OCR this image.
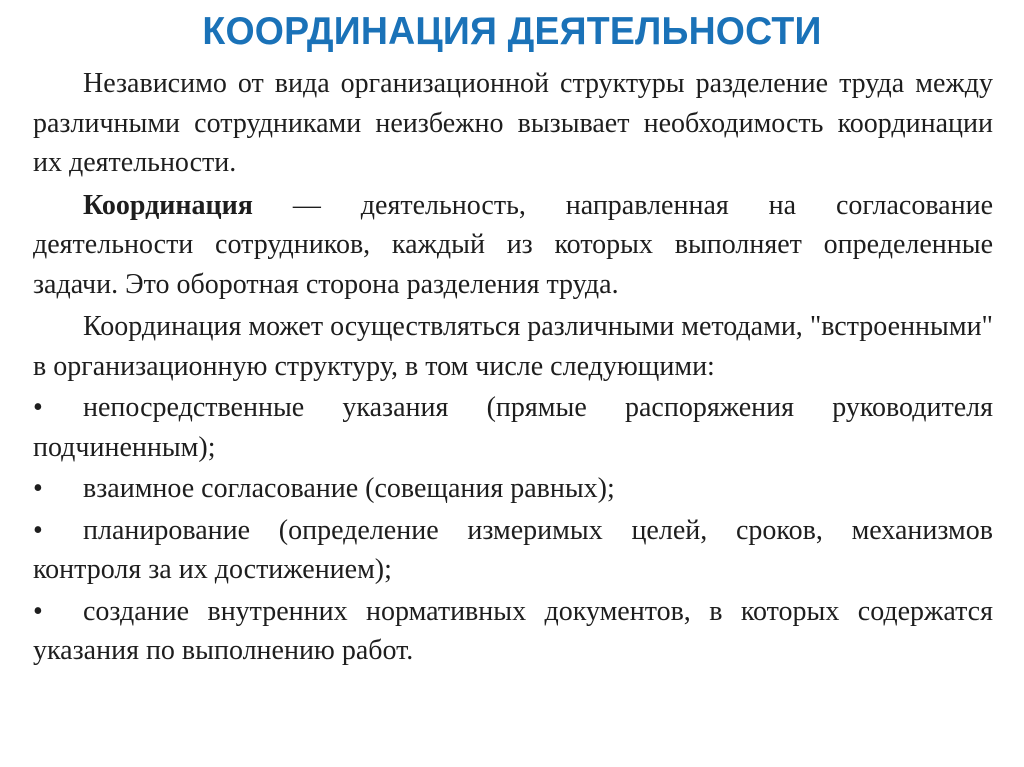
КООРДИНАЦИЯ ДЕЯТЕЛЬНОСТИ

Независимо от вида организационной структуры разделение труда между различными сотрудниками неизбежно вызывает необходимость координации их деятельности.

Координация — деятельность, направленная на согласование деятельности сотрудников, каждый из которых выполняет определенные задачи. Это оборотная сторона разделения труда.

Координация может осуществляться различными методами, "встроенными" в организационную структуру, в том числе следующими:

• непосредственные указания (прямые распоряжения руководителя подчиненным);
• взаимное согласование (совещания равных);
• планирование (определение измеримых целей, сроков, механизмов контроля за их достижением);
• создание внутренних нормативных документов, в которых содержатся указания по выполнению работ.
